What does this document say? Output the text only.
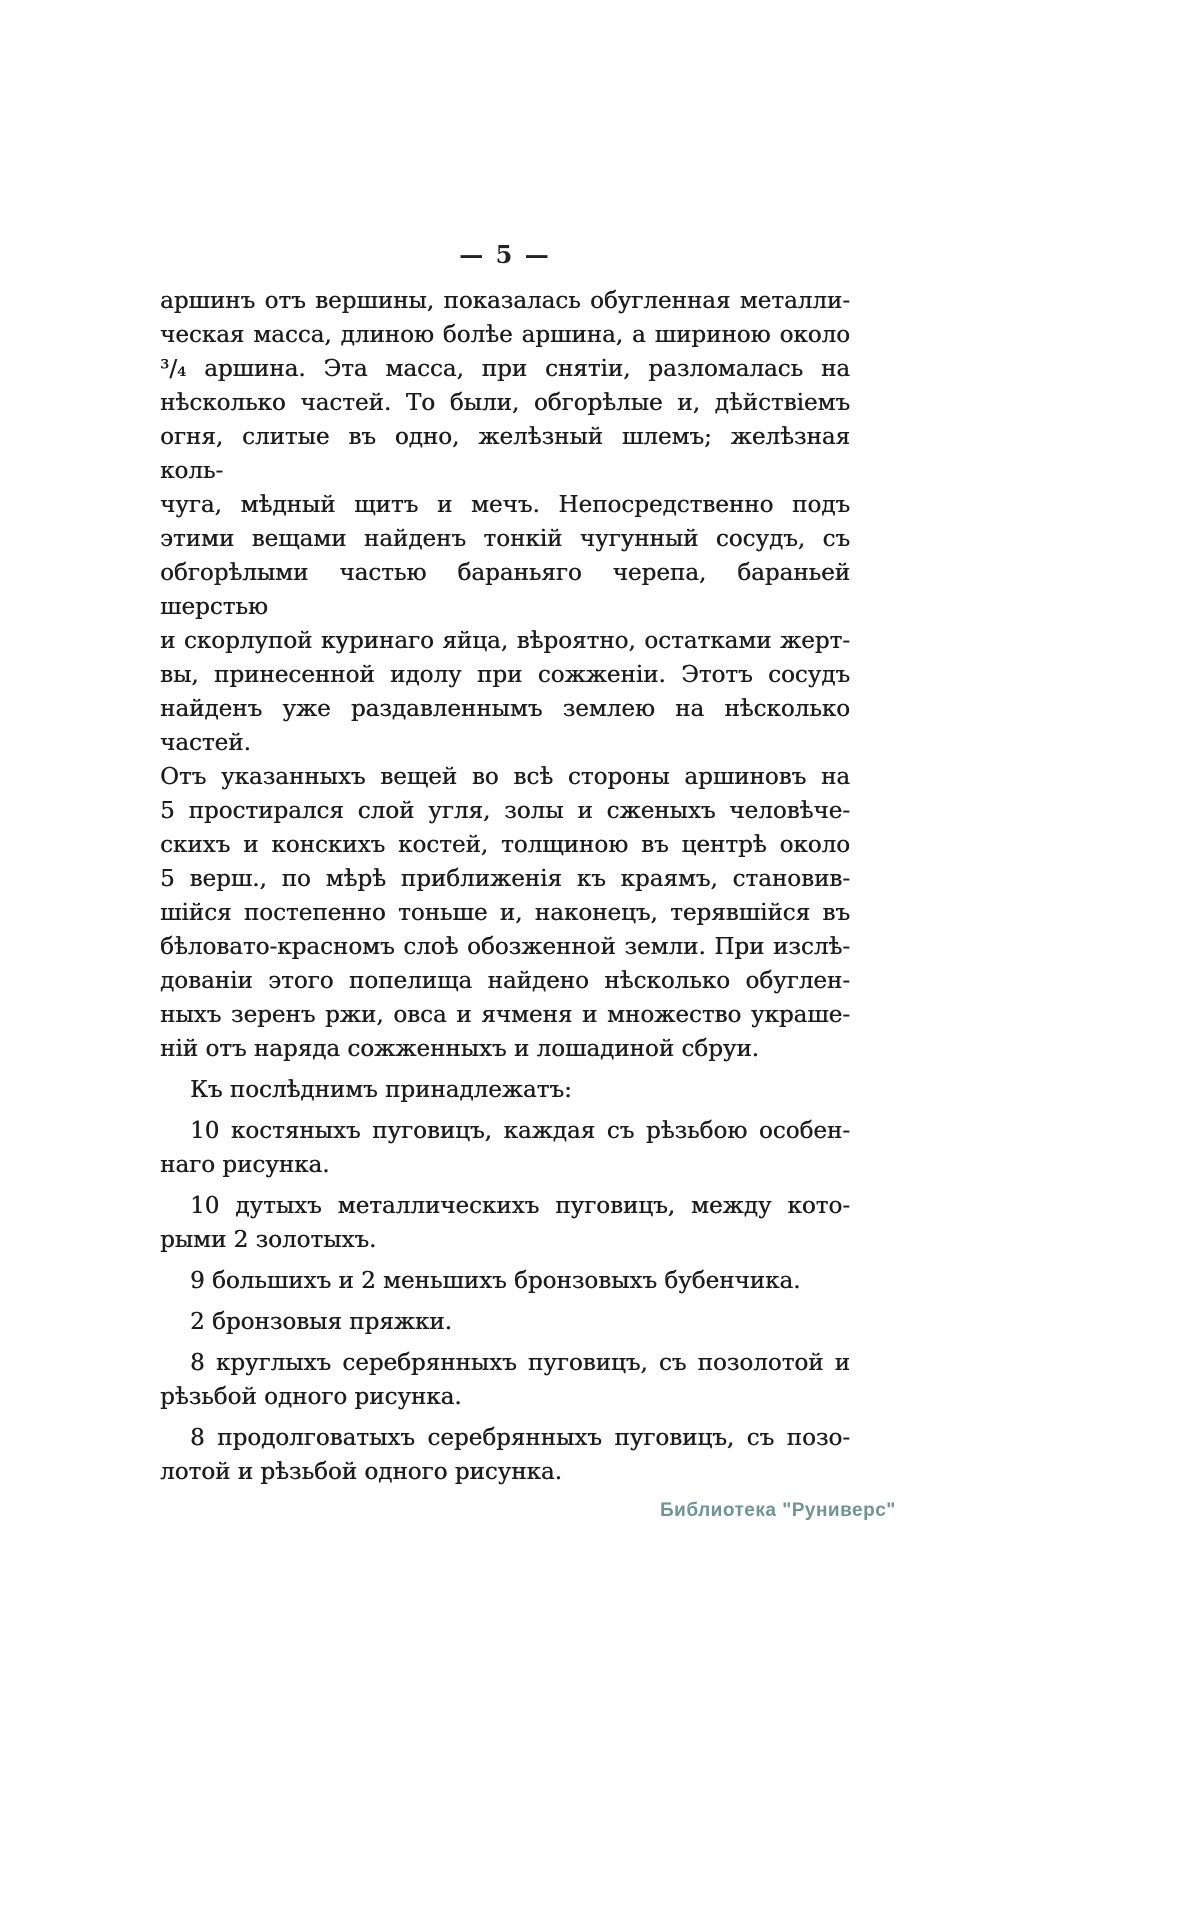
— 5 —

аршинъ отъ вершины, показалась обугленная металли-
ческая масса, длиною болѣе аршина, а шириною около
³/₄ аршина. Эта масса, при снятіи, разломалась на
нѣсколько частей. То были, обгорѣлые и, дѣйствіемъ
огня, слитые въ одно, желѣзный шлемъ; желѣзная коль-
чуга, мѣдный щитъ и мечъ. Непосредственно подъ
этими вещами найденъ тонкій чугунный сосудъ, съ
обгорѣлыми частью бараньяго черепа, бараньей шерстью
и скорлупой куринаго яйца, вѣроятно, остатками жерт-
вы, принесенной идолу при сожженіи. Этотъ сосудъ
найденъ уже раздавленнымъ землею на нѣсколько частей.
Отъ указанныхъ вещей во всѣ стороны аршиновъ на
5 простирался слой угля, золы и сженыхъ человѣче-
скихъ и конскихъ костей, толщиною въ центрѣ около
5 верш., по мѣрѣ приближенія къ краямъ, становив-
шійся постепенно тоньше и, наконецъ, терявшійся въ
бѣловато-красномъ слоѣ обозженной земли. При изслѣ-
дованіи этого попелища найдено нѣсколько обуглен-
ныхъ зеренъ ржи, овса и ячменя и множество украше-
ній отъ наряда сожженныхъ и лошадиной сбруи.

Къ послѣднимъ принадлежатъ:

10 костяныхъ пуговицъ, каждая съ рѣзьбою особен-
наго рисунка.

10 дутыхъ металлическихъ пуговицъ, между кото-
рыми 2 золотыхъ.

9 большихъ и 2 меньшихъ бронзовыхъ бубенчика.

2 бронзовыя пряжки.

8 круглыхъ серебрянныхъ пуговицъ, съ позолотой и
рѣзьбой одного рисунка.

8 продолговатыхъ серебрянныхъ пуговицъ, съ позо-
лотой и рѣзьбой одного рисунка.

Библиотека "Руниверс"
